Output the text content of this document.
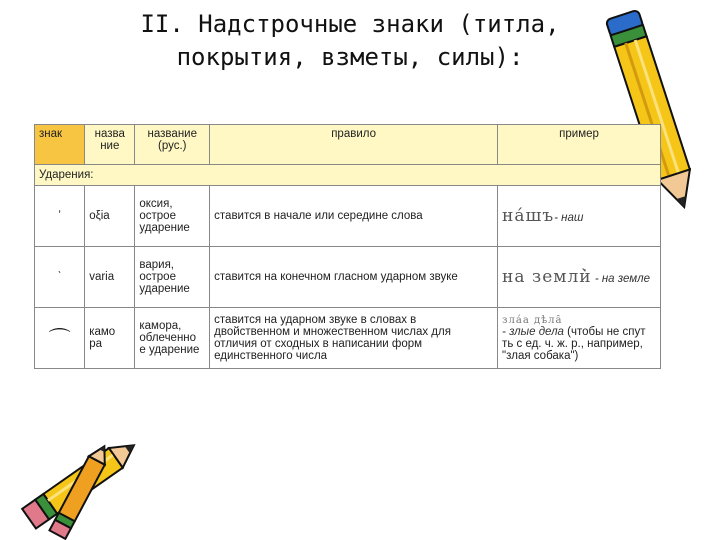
II. Надстрочные знаки (титла,
покрытия, взметы, силы):
знак	назва ние	название (рус.)	правило	пример
Ударения:				
ʼ	oξia	оксия, острое ударение	ставится в начале или середине слова	на́шъ- наш
ˋ	varia	вария, острое ударение	ставится на конечном гласном ударном звуке	на земли̇̀ - на земле
⌒	камо ра	камора, облеченно е ударение	ставится на ударном звуке в словах в двойственном и множественном числах для отличия от сходных в написании форм единственного числа	зла́а дѣла̑
- злые дела (чтобы не спут ть с ед. ч. ж. р., например, "злая собака")
